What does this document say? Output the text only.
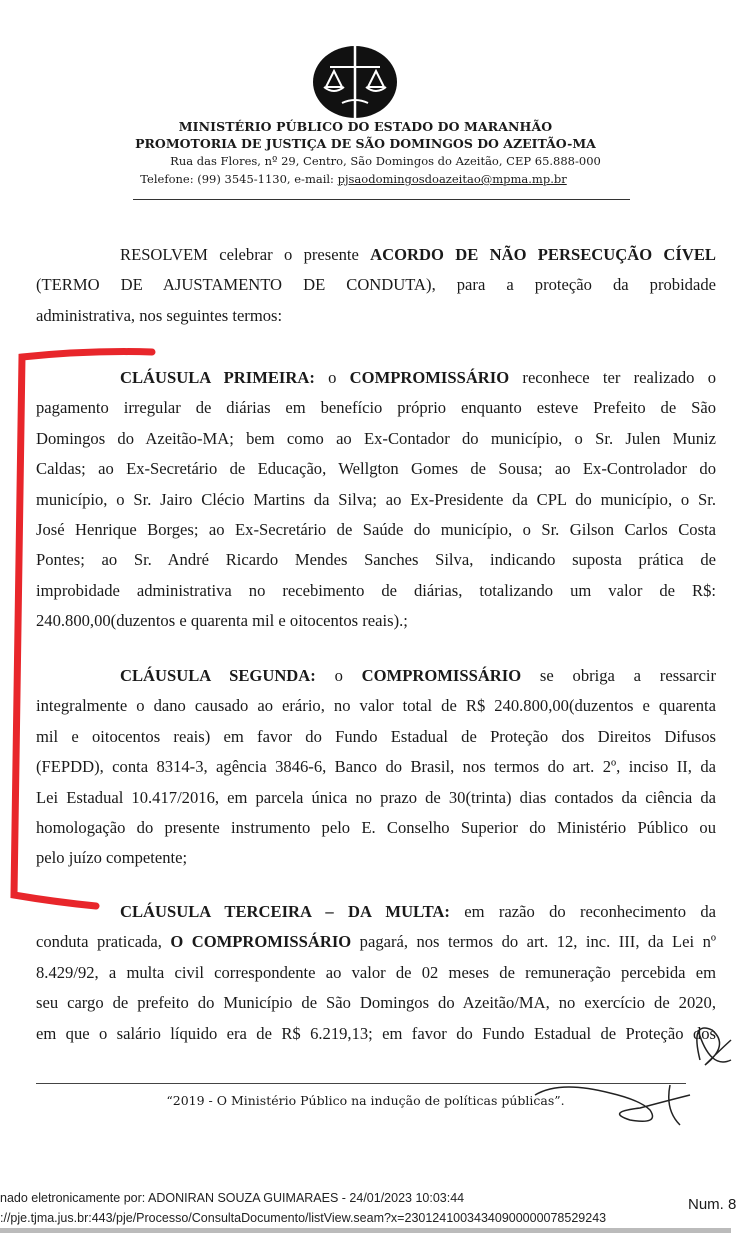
MINISTÉRIO PÚBLICO DO ESTADO DO MARANHÃO
PROMOTORIA DE JUSTIÇA DE SÃO DOMINGOS DO AZEITÃO-MA
Rua das Flores, nº 29, Centro, São Domingos do Azeitão, CEP 65.888-000
Telefone: (99) 3545-1130, e-mail: pjsaodomingosdoazeitao@mpma.mp.br
RESOLVEM celebrar o presente ACORDO DE NÃO PERSECUÇÃO CÍVEL
(TERMO DE AJUSTAMENTO DE CONDUTA), para a proteção da probidade
administrativa, nos seguintes termos:
CLÁUSULA PRIMEIRA: o COMPROMISSÁRIO reconhece ter realizado o
pagamento irregular de diárias em benefício próprio enquanto esteve Prefeito de São
Domingos do Azeitão-MA; bem como ao Ex-Contador do município, o Sr. Julen Muniz
Caldas; ao Ex-Secretário de Educação, Wellgton Gomes de Sousa; ao Ex-Controlador do
município, o Sr. Jairo Clécio Martins da Silva; ao Ex-Presidente da CPL do município, o Sr.
José Henrique Borges; ao Ex-Secretário de Saúde do município, o Sr. Gilson Carlos Costa
Pontes; ao Sr. André Ricardo Mendes Sanches Silva, indicando suposta prática de
improbidade administrativa no recebimento de diárias, totalizando um valor de R$:
240.800,00(duzentos e quarenta mil e oitocentos reais).;
CLÁUSULA SEGUNDA: o COMPROMISSÁRIO se obriga a ressarcir
integralmente o dano causado ao erário, no valor total de R$ 240.800,00(duzentos e quarenta
mil e oitocentos reais) em favor do Fundo Estadual de Proteção dos Direitos Difusos
(FEPDD), conta 8314-3, agência 3846-6, Banco do Brasil, nos termos do art. 2º, inciso II, da
Lei Estadual 10.417/2016, em parcela única no prazo de 30(trinta) dias contados da ciência da
homologação do presente instrumento pelo E. Conselho Superior do Ministério Público ou
pelo juízo competente;
CLÁUSULA TERCEIRA – DA MULTA: em razão do reconhecimento da
conduta praticada, O COMPROMISSÁRIO pagará, nos termos do art. 12, inc. III, da Lei nº
8.429/92, a multa civil correspondente ao valor de 02 meses de remuneração percebida em
seu cargo de prefeito do Município de São Domingos do Azeitão/MA, no exercício de 2020,
em que o salário líquido era de R$ 6.219,13; em favor do Fundo Estadual de Proteção dos
“2019 - O Ministério Público na indução de políticas públicas”.
nado eletronicamente por: ADONIRAN SOUZA GUIMARAES - 24/01/2023 10:03:44
://pje.tjma.jus.br:443/pje/Processo/ConsultaDocumento/listView.seam?x=23012410034340900000078529243
Num. 8
